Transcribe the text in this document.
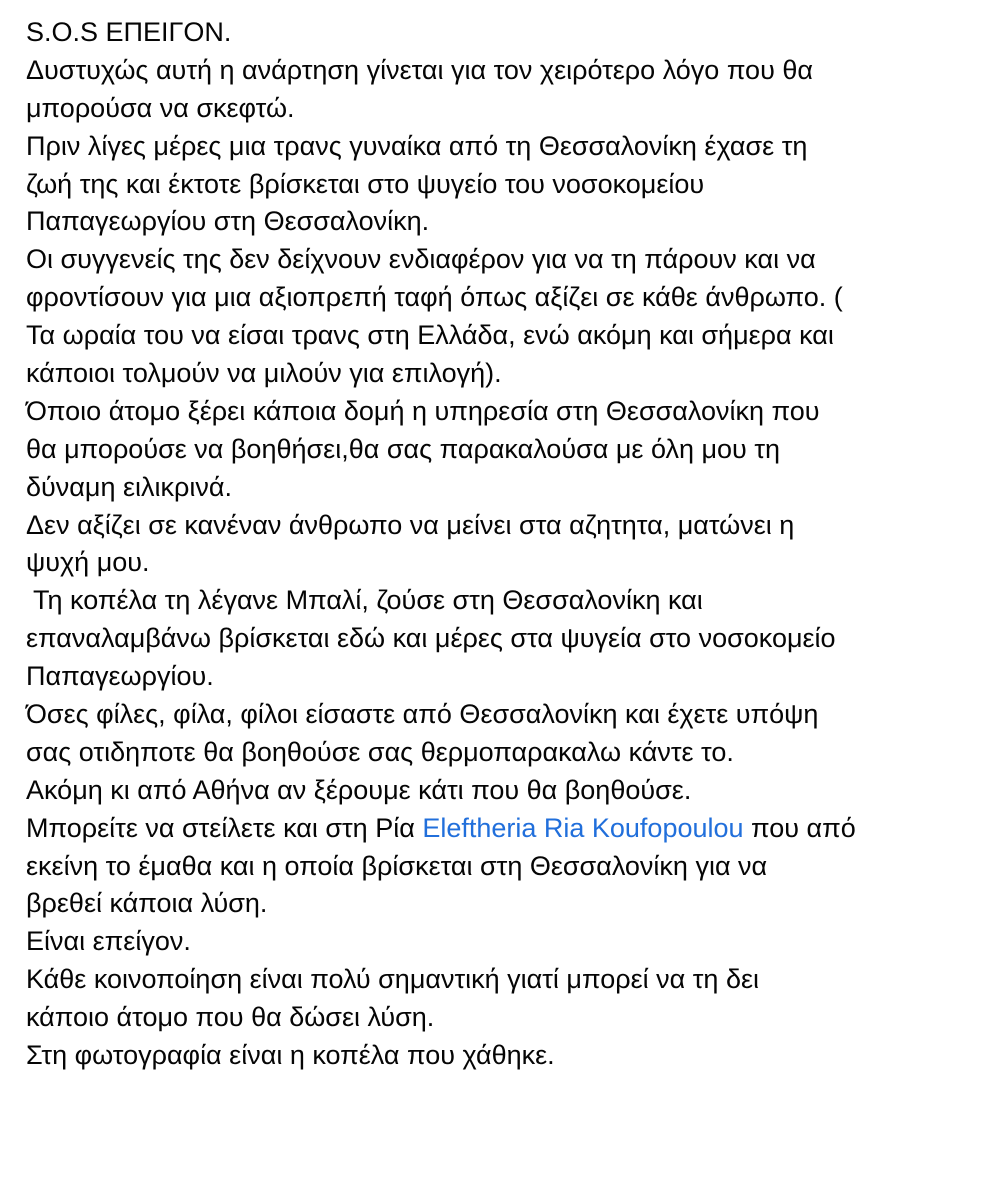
S.O.S ΕΠΕΙΓΟΝ.
Δυστυχώς αυτή η ανάρτηση γίνεται για τον χειρότερο λόγο που θα
μπορούσα να σκεφτώ.
Πριν λίγες μέρες μια τρανς γυναίκα από τη Θεσσαλονίκη έχασε τη
ζωή της και έκτοτε βρίσκεται στο ψυγείο του νοσοκομείου
Παπαγεωργίου στη Θεσσαλονίκη.
Οι συγγενείς της δεν δείχνουν ενδιαφέρον για να τη πάρουν και να
φροντίσουν για μια αξιοπρεπή ταφή όπως αξίζει σε κάθε άνθρωπο. (
Τα ωραία του να είσαι τρανς στη Ελλάδα, ενώ ακόμη και σήμερα και
κάποιοι τολμούν να μιλούν για επιλογή).
Όποιο άτομο ξέρει κάποια δομή η υπηρεσία στη Θεσσαλονίκη που
θα μπορούσε να βοηθήσει,θα σας παρακαλούσα με όλη μου τη
δύναμη ειλικρινά.
Δεν αξίζει σε κανέναν άνθρωπο να μείνει στα αζητητα, ματώνει η
ψυχή μου.
Τη κοπέλα τη λέγανε Μπαλί, ζούσε στη Θεσσαλονίκη και
επαναλαμβάνω βρίσκεται εδώ και μέρες στα ψυγεία στο νοσοκομείο
Παπαγεωργίου.
Όσες φίλες, φίλα, φίλοι είσαστε από Θεσσαλονίκη και έχετε υπόψη
σας οτιδηποτε θα βοηθούσε σας θερμοπαρακαλω κάντε το.
Ακόμη κι από Αθήνα αν ξέρουμε κάτι που θα βοηθούσε.
Μπορείτε να στείλετε και στη Ρία Eleftheria Ria Koufopoulou που από
εκείνη το έμαθα και η οποία βρίσκεται στη Θεσσαλονίκη για να
βρεθεί κάποια λύση.
Είναι επείγον.
Κάθε κοινοποίηση είναι πολύ σημαντική γιατί μπορεί να τη δει
κάποιο άτομο που θα δώσει λύση.
Στη φωτογραφία είναι η κοπέλα που χάθηκε.
